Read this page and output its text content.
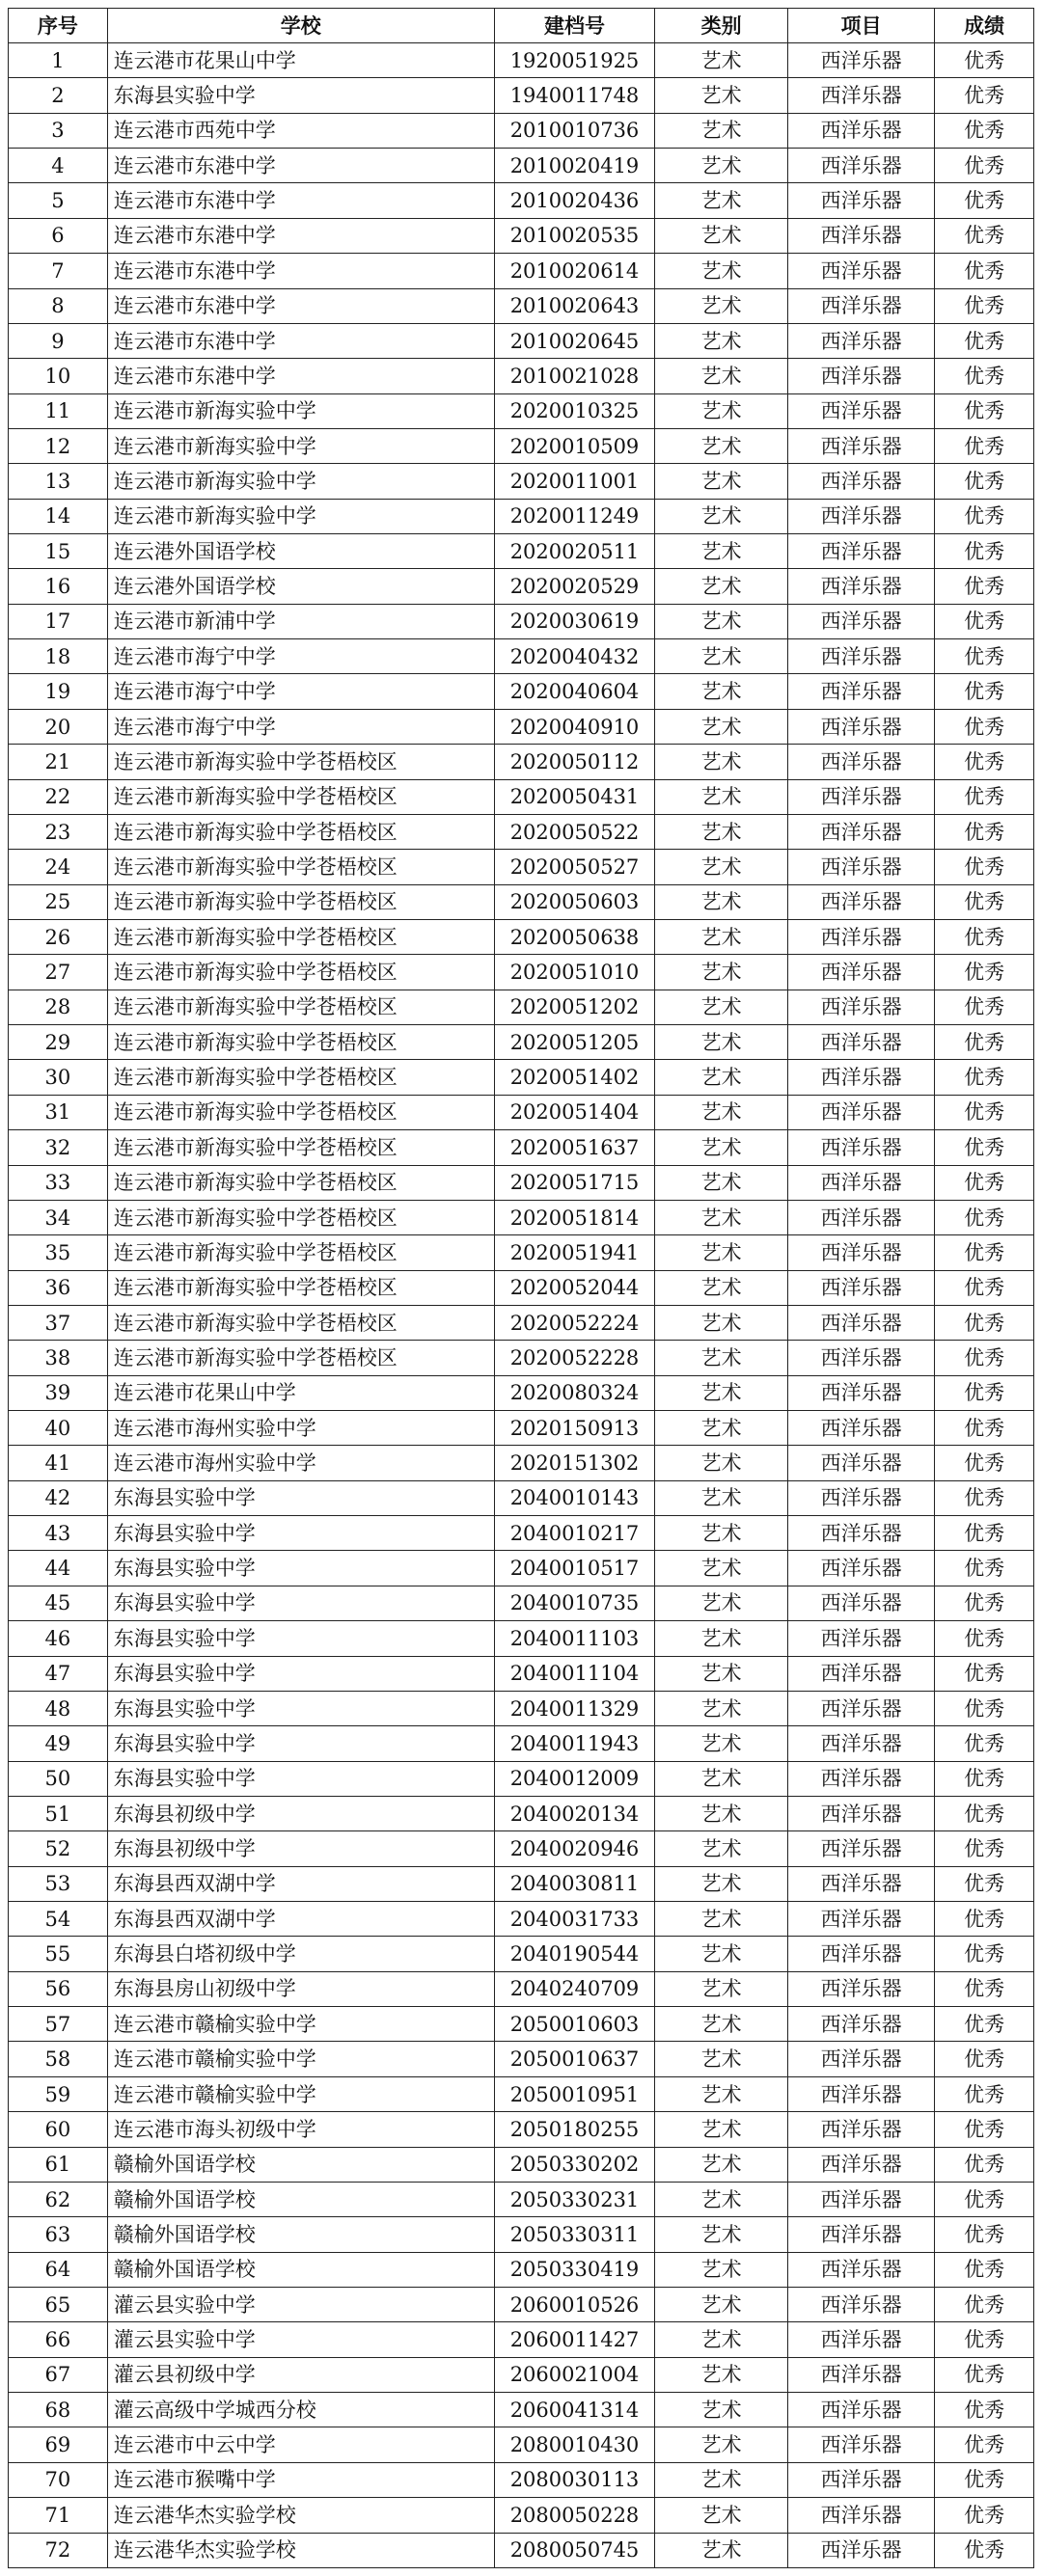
序号	学校	建档号	类别	项目	成绩
1	连云港市花果山中学	1920051925	艺术	西洋乐器	优秀
2	东海县实验中学	1940011748	艺术	西洋乐器	优秀
3	连云港市西苑中学	2010010736	艺术	西洋乐器	优秀
4	连云港市东港中学	2010020419	艺术	西洋乐器	优秀
5	连云港市东港中学	2010020436	艺术	西洋乐器	优秀
6	连云港市东港中学	2010020535	艺术	西洋乐器	优秀
7	连云港市东港中学	2010020614	艺术	西洋乐器	优秀
8	连云港市东港中学	2010020643	艺术	西洋乐器	优秀
9	连云港市东港中学	2010020645	艺术	西洋乐器	优秀
10	连云港市东港中学	2010021028	艺术	西洋乐器	优秀
11	连云港市新海实验中学	2020010325	艺术	西洋乐器	优秀
12	连云港市新海实验中学	2020010509	艺术	西洋乐器	优秀
13	连云港市新海实验中学	2020011001	艺术	西洋乐器	优秀
14	连云港市新海实验中学	2020011249	艺术	西洋乐器	优秀
15	连云港外国语学校	2020020511	艺术	西洋乐器	优秀
16	连云港外国语学校	2020020529	艺术	西洋乐器	优秀
17	连云港市新浦中学	2020030619	艺术	西洋乐器	优秀
18	连云港市海宁中学	2020040432	艺术	西洋乐器	优秀
19	连云港市海宁中学	2020040604	艺术	西洋乐器	优秀
20	连云港市海宁中学	2020040910	艺术	西洋乐器	优秀
21	连云港市新海实验中学苍梧校区	2020050112	艺术	西洋乐器	优秀
22	连云港市新海实验中学苍梧校区	2020050431	艺术	西洋乐器	优秀
23	连云港市新海实验中学苍梧校区	2020050522	艺术	西洋乐器	优秀
24	连云港市新海实验中学苍梧校区	2020050527	艺术	西洋乐器	优秀
25	连云港市新海实验中学苍梧校区	2020050603	艺术	西洋乐器	优秀
26	连云港市新海实验中学苍梧校区	2020050638	艺术	西洋乐器	优秀
27	连云港市新海实验中学苍梧校区	2020051010	艺术	西洋乐器	优秀
28	连云港市新海实验中学苍梧校区	2020051202	艺术	西洋乐器	优秀
29	连云港市新海实验中学苍梧校区	2020051205	艺术	西洋乐器	优秀
30	连云港市新海实验中学苍梧校区	2020051402	艺术	西洋乐器	优秀
31	连云港市新海实验中学苍梧校区	2020051404	艺术	西洋乐器	优秀
32	连云港市新海实验中学苍梧校区	2020051637	艺术	西洋乐器	优秀
33	连云港市新海实验中学苍梧校区	2020051715	艺术	西洋乐器	优秀
34	连云港市新海实验中学苍梧校区	2020051814	艺术	西洋乐器	优秀
35	连云港市新海实验中学苍梧校区	2020051941	艺术	西洋乐器	优秀
36	连云港市新海实验中学苍梧校区	2020052044	艺术	西洋乐器	优秀
37	连云港市新海实验中学苍梧校区	2020052224	艺术	西洋乐器	优秀
38	连云港市新海实验中学苍梧校区	2020052228	艺术	西洋乐器	优秀
39	连云港市花果山中学	2020080324	艺术	西洋乐器	优秀
40	连云港市海州实验中学	2020150913	艺术	西洋乐器	优秀
41	连云港市海州实验中学	2020151302	艺术	西洋乐器	优秀
42	东海县实验中学	2040010143	艺术	西洋乐器	优秀
43	东海县实验中学	2040010217	艺术	西洋乐器	优秀
44	东海县实验中学	2040010517	艺术	西洋乐器	优秀
45	东海县实验中学	2040010735	艺术	西洋乐器	优秀
46	东海县实验中学	2040011103	艺术	西洋乐器	优秀
47	东海县实验中学	2040011104	艺术	西洋乐器	优秀
48	东海县实验中学	2040011329	艺术	西洋乐器	优秀
49	东海县实验中学	2040011943	艺术	西洋乐器	优秀
50	东海县实验中学	2040012009	艺术	西洋乐器	优秀
51	东海县初级中学	2040020134	艺术	西洋乐器	优秀
52	东海县初级中学	2040020946	艺术	西洋乐器	优秀
53	东海县西双湖中学	2040030811	艺术	西洋乐器	优秀
54	东海县西双湖中学	2040031733	艺术	西洋乐器	优秀
55	东海县白塔初级中学	2040190544	艺术	西洋乐器	优秀
56	东海县房山初级中学	2040240709	艺术	西洋乐器	优秀
57	连云港市赣榆实验中学	2050010603	艺术	西洋乐器	优秀
58	连云港市赣榆实验中学	2050010637	艺术	西洋乐器	优秀
59	连云港市赣榆实验中学	2050010951	艺术	西洋乐器	优秀
60	连云港市海头初级中学	2050180255	艺术	西洋乐器	优秀
61	赣榆外国语学校	2050330202	艺术	西洋乐器	优秀
62	赣榆外国语学校	2050330231	艺术	西洋乐器	优秀
63	赣榆外国语学校	2050330311	艺术	西洋乐器	优秀
64	赣榆外国语学校	2050330419	艺术	西洋乐器	优秀
65	灌云县实验中学	2060010526	艺术	西洋乐器	优秀
66	灌云县实验中学	2060011427	艺术	西洋乐器	优秀
67	灌云县初级中学	2060021004	艺术	西洋乐器	优秀
68	灌云高级中学城西分校	2060041314	艺术	西洋乐器	优秀
69	连云港市中云中学	2080010430	艺术	西洋乐器	优秀
70	连云港市猴嘴中学	2080030113	艺术	西洋乐器	优秀
71	连云港华杰实验学校	2080050228	艺术	西洋乐器	优秀
72	连云港华杰实验学校	2080050745	艺术	西洋乐器	优秀
